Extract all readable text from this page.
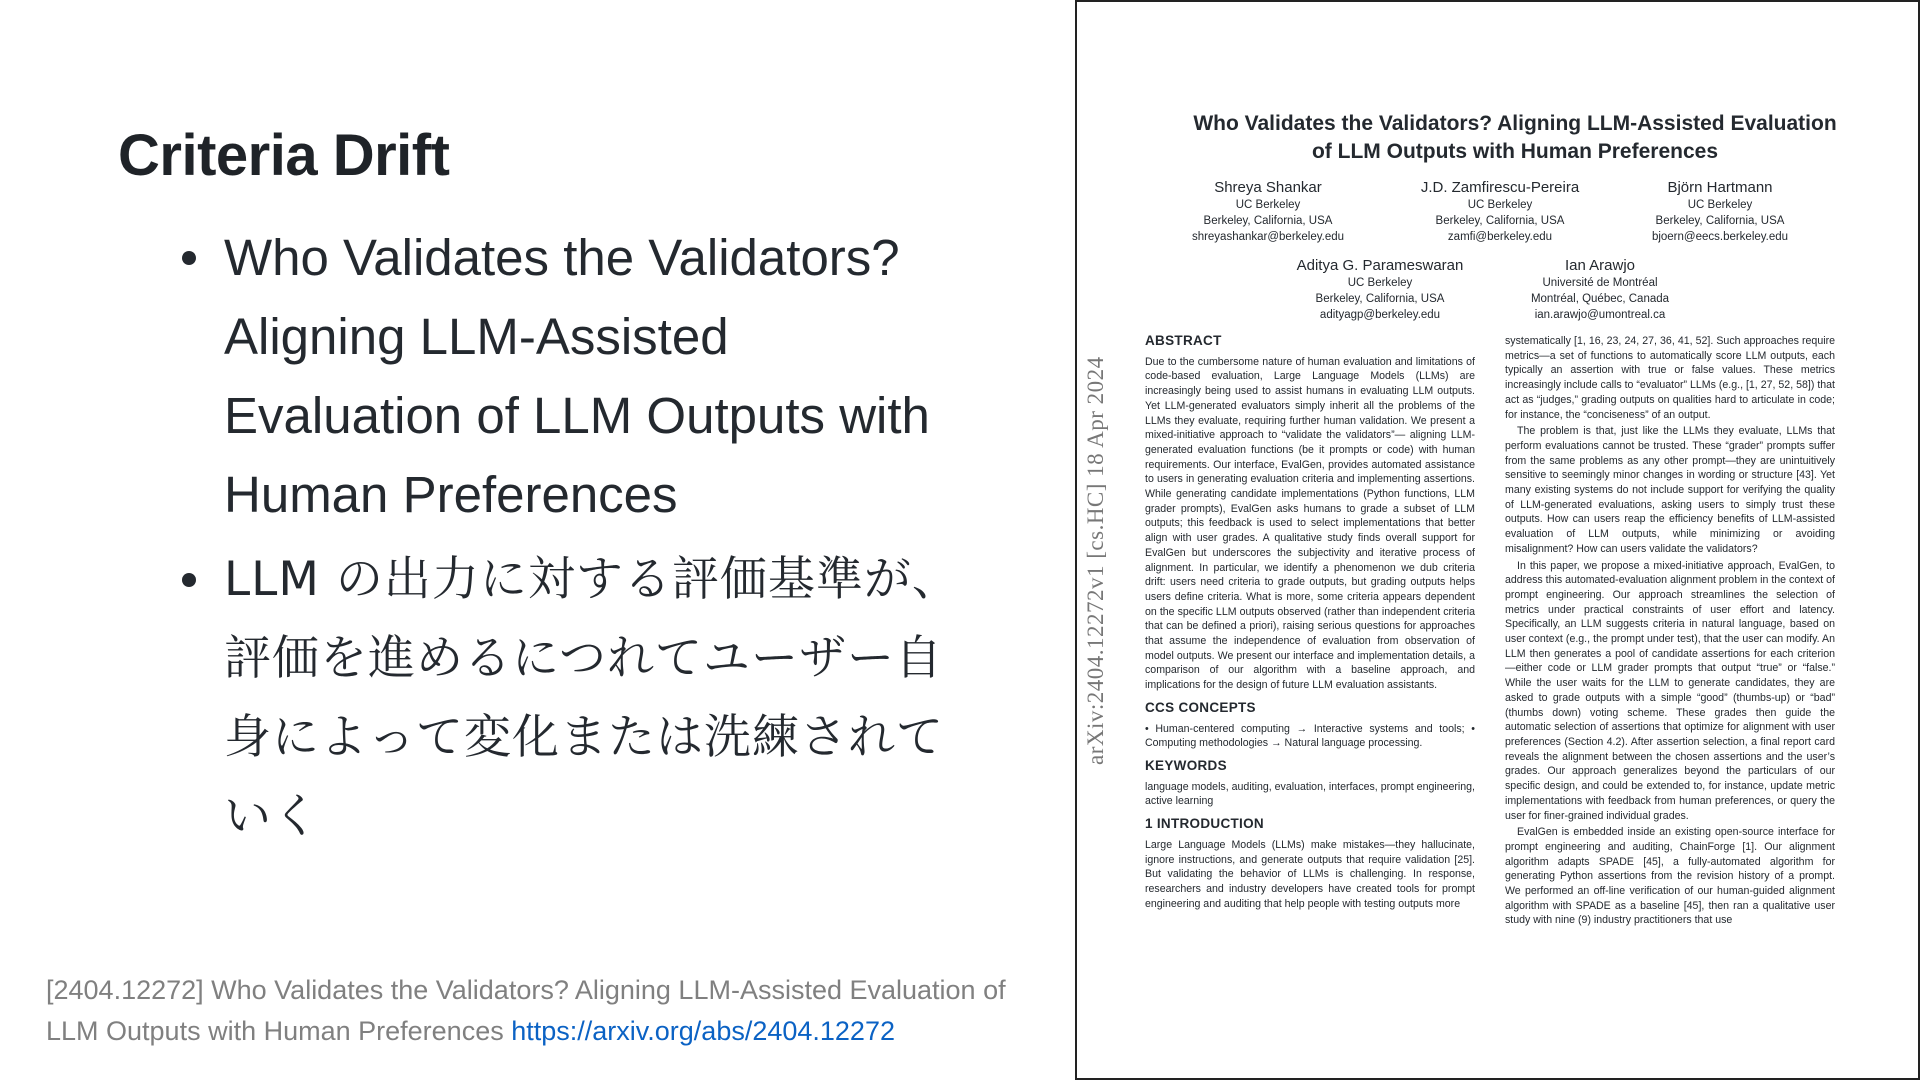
Criteria Drift
Who Validates the Validators? Aligning LLM-Assisted Evaluation of LLM Outputs with Human Preferences
LLM の出力に対する評価基準が、評価を進めるにつれてユーザー自身によって変化または洗練されていく
[2404.12272] Who Validates the Validators? Aligning LLM-Assisted Evaluation of LLM Outputs with Human Preferences https://arxiv.org/abs/2404.12272
arXiv:2404.12272v1 [cs.HC] 18 Apr 2024
Who Validates the Validators? Aligning LLM-Assisted Evaluation
of LLM Outputs with Human Preferences
Shreya Shankar
UC Berkeley
Berkeley, California, USA
shreyashankar@berkeley.edu
J.D. Zamfirescu-Pereira
UC Berkeley
Berkeley, California, USA
zamfi@berkeley.edu
Björn Hartmann
UC Berkeley
Berkeley, California, USA
bjoern@eecs.berkeley.edu
Aditya G. Parameswaran
UC Berkeley
Berkeley, California, USA
adityagp@berkeley.edu
Ian Arawjo
Université de Montréal
Montréal, Québec, Canada
ian.arawjo@umontreal.ca
ABSTRACT
Due to the cumbersome nature of human evaluation and limitations of code-based evaluation, Large Language Models (LLMs) are increasingly being used to assist humans in evaluating LLM outputs. Yet LLM-generated evaluators simply inherit all the problems of the LLMs they evaluate, requiring further human validation. We present a mixed-initiative approach to “validate the validators”— aligning LLM-generated evaluation functions (be it prompts or code) with human requirements. Our interface, EvalGen, provides automated assistance to users in generating evaluation criteria and implementing assertions. While generating candidate implementations (Python functions, LLM grader prompts), EvalGen asks humans to grade a subset of LLM outputs; this feedback is used to select implementations that better align with user grades. A qualitative study finds overall support for EvalGen but underscores the subjectivity and iterative process of alignment. In particular, we identify a phenomenon we dub criteria drift: users need criteria to grade outputs, but grading outputs helps users define criteria. What is more, some criteria appears dependent on the specific LLM outputs observed (rather than independent criteria that can be defined a priori), raising serious questions for approaches that assume the independence of evaluation from observation of model outputs. We present our interface and implementation details, a comparison of our algorithm with a baseline approach, and implications for the design of future LLM evaluation assistants.
CCS CONCEPTS
• Human-centered computing → Interactive systems and tools; • Computing methodologies → Natural language processing.
KEYWORDS
language models, auditing, evaluation, interfaces, prompt engineering, active learning
1 INTRODUCTION
Large Language Models (LLMs) make mistakes—they hallucinate, ignore instructions, and generate outputs that require validation [25]. But validating the behavior of LLMs is challenging. In response, researchers and industry developers have created tools for prompt engineering and auditing that help people with testing outputs more
systematically [1, 16, 23, 24, 27, 36, 41, 52]. Such approaches require metrics—a set of functions to automatically score LLM outputs, each typically an assertion with true or false values. These metrics increasingly include calls to “evaluator” LLMs (e.g., [1, 27, 52, 58]) that act as “judges,” grading outputs on qualities hard to articulate in code; for instance, the “conciseness” of an output.
The problem is that, just like the LLMs they evaluate, LLMs that perform evaluations cannot be trusted. These “grader” prompts suffer from the same problems as any other prompt—they are unintuitively sensitive to seemingly minor changes in wording or structure [43]. Yet many existing systems do not include support for verifying the quality of LLM-generated evaluations, asking users to simply trust these outputs. How can users reap the efficiency benefits of LLM-assisted evaluation of LLM outputs, while minimizing or avoiding misalignment? How can users validate the validators?
In this paper, we propose a mixed-initiative approach, EvalGen, to address this automated-evaluation alignment problem in the context of prompt engineering. Our approach streamlines the selection of metrics under practical constraints of user effort and latency. Specifically, an LLM suggests criteria in natural language, based on user context (e.g., the prompt under test), that the user can modify. An LLM then generates a pool of candidate assertions for each criterion—either code or LLM grader prompts that output “true” or “false.” While the user waits for the LLM to generate candidates, they are asked to grade outputs with a simple “good” (thumbs-up) or “bad” (thumbs down) voting scheme. These grades then guide the automatic selection of assertions that optimize for alignment with user preferences (Section 4.2). After assertion selection, a final report card reveals the alignment between the chosen assertions and the user’s grades. Our approach generalizes beyond the particulars of our specific design, and could be extended to, for instance, update metric implementations with feedback from human preferences, or query the user for finer-grained individual grades.
EvalGen is embedded inside an existing open-source interface for prompt engineering and auditing, ChainForge [1]. Our alignment algorithm adapts SPADE [45], a fully-automated algorithm for generating Python assertions from the revision history of a prompt. We performed an off-line verification of our human-guided alignment algorithm with SPADE as a baseline [45], then ran a qualitative user study with nine (9) industry practitioners that use
